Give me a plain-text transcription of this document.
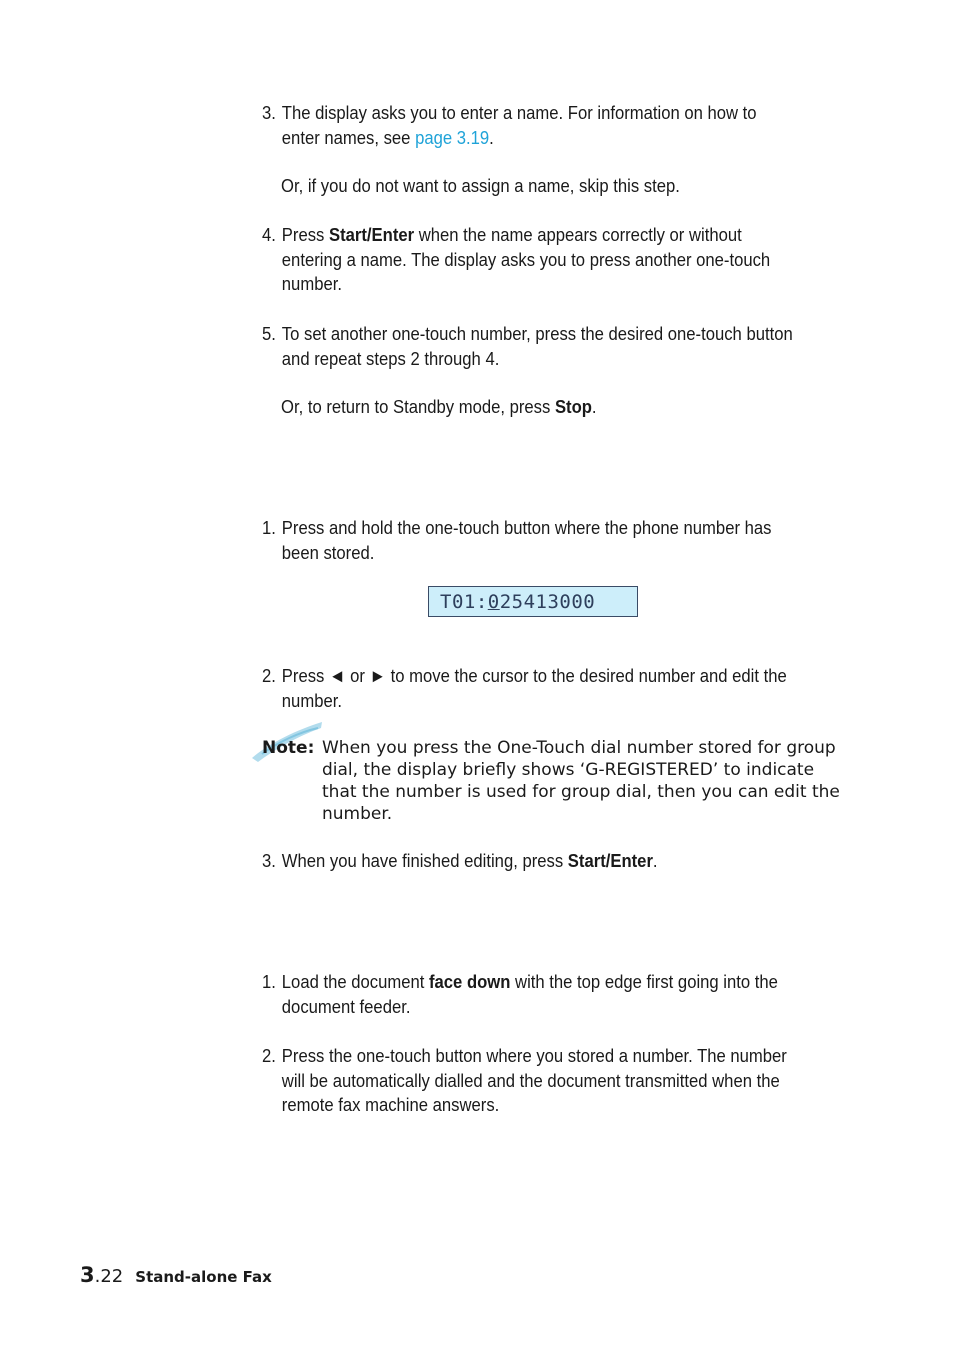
3. The display asks you to enter a name. For information on how to
enter names, see page 3.19.
Or, if you do not want to assign a name, skip this step.
4. Press Start/Enter when the name appears correctly or without
entering a name. The display asks you to press another one-touch
number.
5. To set another one-touch number, press the desired one-touch button
and repeat steps 2 through 4.
Or, to return to Standby mode, press Stop.
1. Press and hold the one-touch button where the phone number has
been stored.
T01:025413000
2. Press ◄ or ► to move the cursor to the desired number and edit the
number.
Note: When you press the One-Touch dial number stored for group
dial, the display briefly shows ‘G-REGISTERED’ to indicate
that the number is used for group dial, then you can edit the
number.
3. When you have finished editing, press Start/Enter.
1. Load the document face down with the top edge first going into the
document feeder.
2. Press the one-touch button where you stored a number. The number
will be automatically dialled and the document transmitted when the
remote fax machine answers.
3.22 Stand-alone Fax
